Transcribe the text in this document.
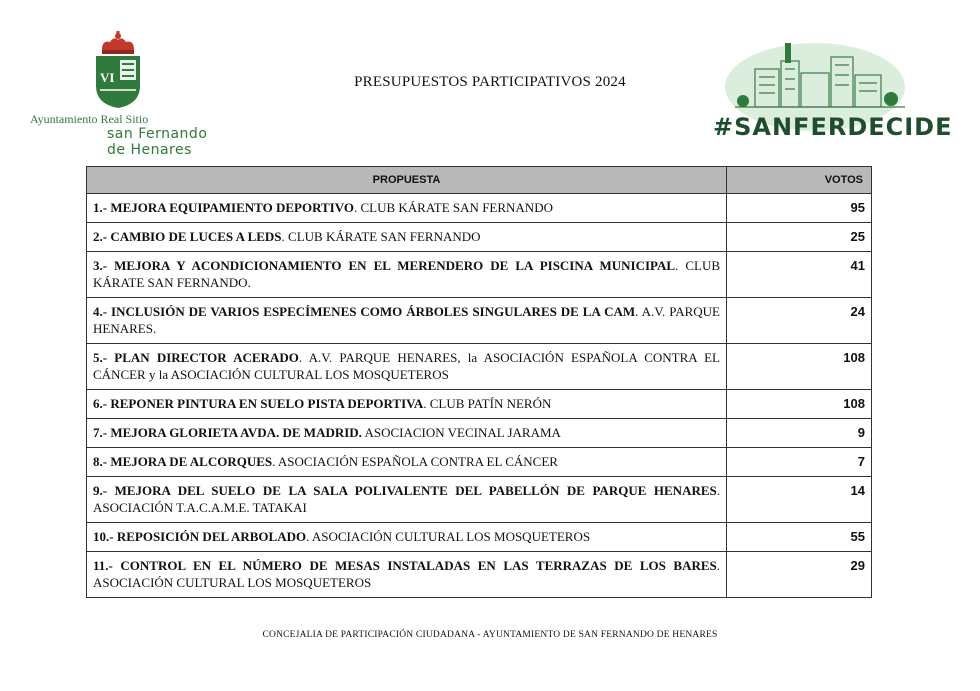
VI
Ayuntamiento Real Sitio
san Fernando
de Henares
PRESUPUESTOS PARTICIPATIVOS 2024
#SANFERDECIDE
PROPUESTA	VOTOS
1.- MEJORA EQUIPAMIENTO DEPORTIVO. CLUB KÁRATE SAN FERNANDO	95
2.- CAMBIO DE LUCES A LEDS. CLUB KÁRATE SAN FERNANDO	25
3.- MEJORA Y ACONDICIONAMIENTO EN EL MERENDERO DE LA PISCINA MUNICIPAL. CLUB KÁRATE SAN FERNANDO.	41
4.- INCLUSIÓN DE VARIOS ESPECÍMENES COMO ÁRBOLES SINGULARES DE LA CAM. A.V. PARQUE HENARES.	24
5.- PLAN DIRECTOR ACERADO. A.V. PARQUE HENARES, la ASOCIACIÓN ESPAÑOLA CONTRA EL CÁNCER y la ASOCIACIÓN CULTURAL LOS MOSQUETEROS	108
6.- REPONER PINTURA EN SUELO PISTA DEPORTIVA. CLUB PATÍN NERÓN	108
7.- MEJORA GLORIETA AVDA. DE MADRID. ASOCIACION VECINAL JARAMA	9
8.- MEJORA DE ALCORQUES. ASOCIACIÓN ESPAÑOLA CONTRA EL CÁNCER	7
9.- MEJORA DEL SUELO DE LA SALA POLIVALENTE DEL PABELLÓN DE PARQUE HENARES. ASOCIACIÓN T.A.C.A.M.E. TATAKAI	14
10.- REPOSICIÓN DEL ARBOLADO. ASOCIACIÓN CULTURAL LOS MOSQUETEROS	55
11.- CONTROL EN EL NÚMERO DE MESAS INSTALADAS EN LAS TERRAZAS DE LOS BARES. ASOCIACIÓN CULTURAL LOS MOSQUETEROS	29
CONCEJALIA DE PARTICIPACIÓN CIUDADANA - AYUNTAMIENTO DE SAN FERNANDO DE HENARES
